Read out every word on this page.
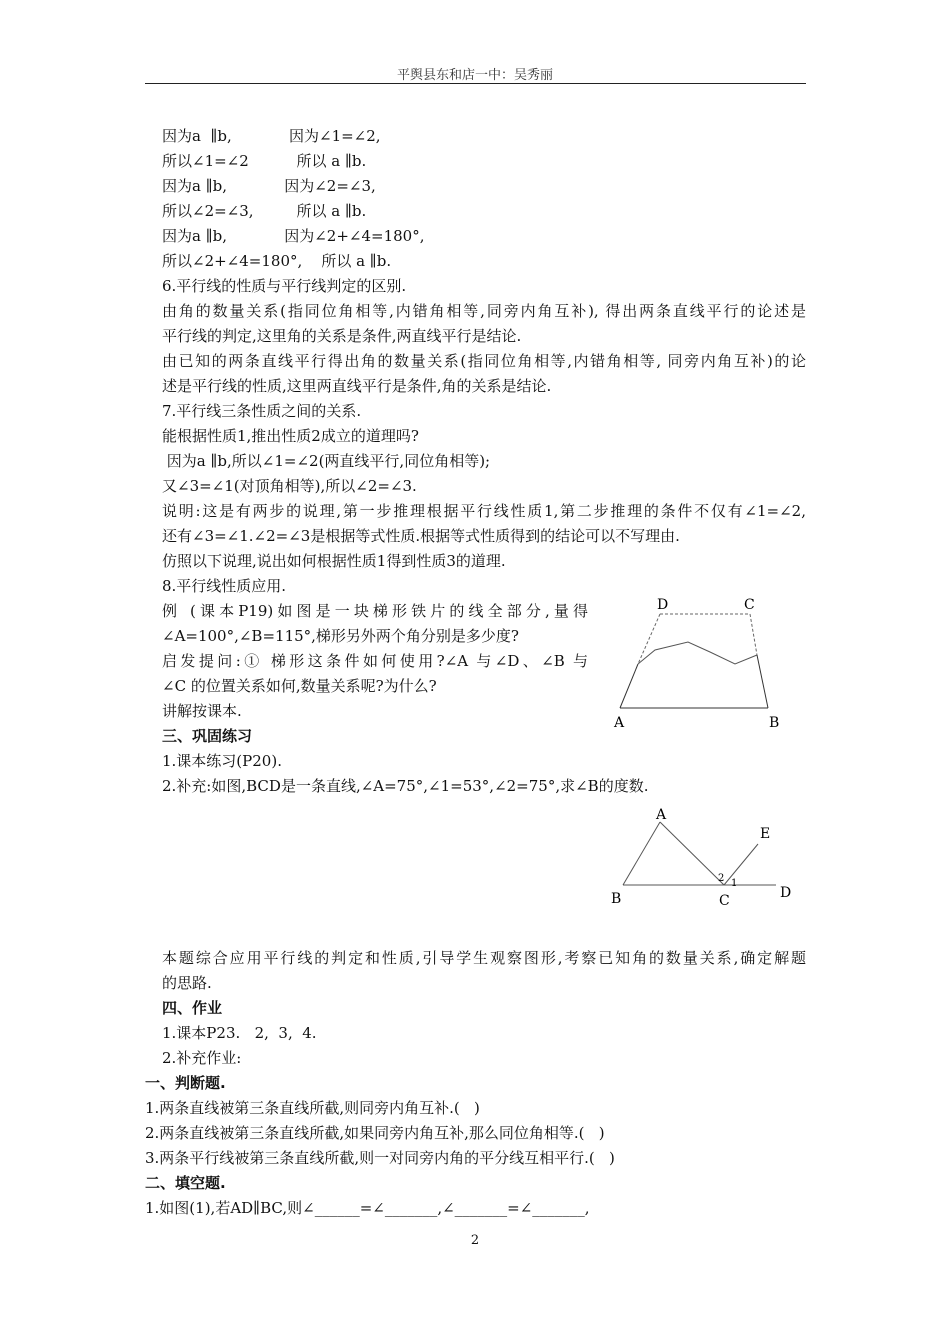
平舆县东和店一中：吴秀丽
因为a  ∥b,            因为∠1=∠2,
所以∠1=∠2          所以 a ∥b.
因为a ∥b,            因为∠2=∠3,
所以∠2=∠3,         所以 a ∥b.
因为a ∥b,            因为∠2+∠4=180°,
所以∠2+∠4=180°,    所以 a ∥b.
6.平行线的性质与平行线判定的区别.
由角的数量关系(指同位角相等,内错角相等,同旁内角互补), 得出两条直线平行的论述是
平行线的判定,这里角的关系是条件,两直线平行是结论.
由已知的两条直线平行得出角的数量关系(指同位角相等,内错角相等, 同旁内角互补)的论
述是平行线的性质,这里两直线平行是条件,角的关系是结论.
7.平行线三条性质之间的关系.
能根据性质1,推出性质2成立的道理吗?
因为a ∥b,所以∠1=∠2(两直线平行,同位角相等);
又∠3=∠1(对顶角相等),所以∠2=∠3.
说明:这是有两步的说理,第一步推理根据平行线性质1,第二步推理的条件不仅有∠1=∠2,
还有∠3=∠1.∠2=∠3是根据等式性质.根据等式性质得到的结论可以不写理由.
仿照以下说理,说出如何根据性质1得到性质3的道理.
8.平行线性质应用.
例 (课本P19)如图是一块梯形铁片的线全部分,量得
∠A=100°,∠B=115°,梯形另外两个角分别是多少度?
启发提问:① 梯形这条件如何使用?∠A 与∠D、∠B 与
∠C 的位置关系如何,数量关系呢?为什么?
讲解按课本.
三、巩固练习
1.课本练习(P20).
2.补充:如图,BCD是一条直线,∠A=75°,∠1=53°,∠2=75°,求∠B的度数.
本题综合应用平行线的判定和性质,引导学生观察图形,考察已知角的数量关系,确定解题
的思路.
四、作业
1.课本P23.   2,  3,  4.
2.补充作业:
一、判断题.
1.两条直线被第三条直线所截,则同旁内角互补.(   )
2.两条直线被第三条直线所截,如果同旁内角互补,那么同位角相等.(   )
3.两条平行线被第三条直线所截,则一对同旁内角的平分线互相平行.(   )
二、填空题.
1.如图(1),若AD∥BC,则∠______=∠_______,∠_______=∠_______,
D	C
A	B
A
E
B	C	D
2 1
2
